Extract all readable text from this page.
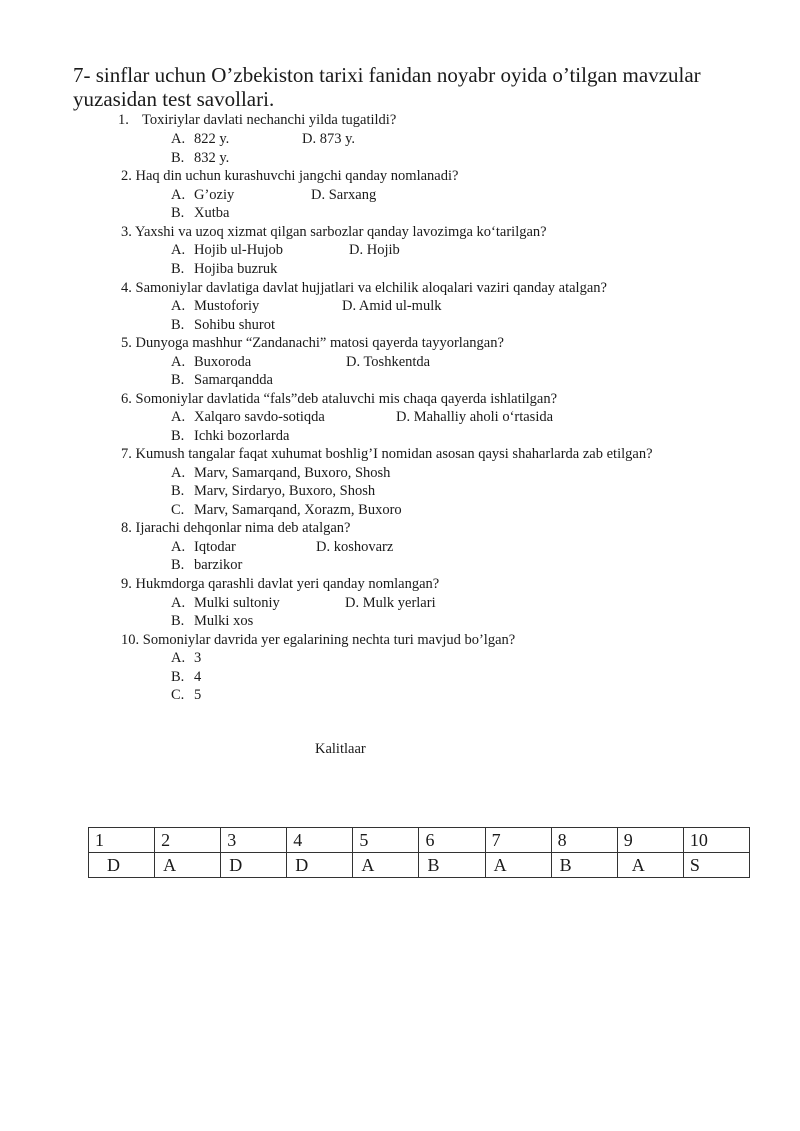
7- sinflar uchun O’zbekiston tarixi fanidan noyabr oyida o’tilgan mavzular yuzasidan test savollari.
1. Toxiriylar davlati nechanchi yilda tugatildi?
A. 822 y.	D. 873 y.
B. 832 y.
2. Haq din uchun kurashuvchi jangchi qanday nomlanadi?
A. G’oziy	D. Sarxang
B. Xutba
3. Yaxshi va uzoq xizmat qilgan sarbozlar qanday lavozimga koʻtarilgan?
A. Hojib ul-Hujob	D. Hojib
B. Hojiba buzruk
4. Samoniylar davlatiga davlat hujjatlari va elchilik aloqalari vaziri qanday atalgan?
A. Mustoforiy	D. Amid ul-mulk
B. Sohibu shurot
5. Dunyoga mashhur “Zandanachi” matosi qayerda tayyorlangan?
A. Buxoroda	D. Toshkentda
B. Samarqandda
6. Somoniylar davlatida “fals”deb ataluvchi mis chaqa qayerda ishlatilgan?
A. Xalqaro savdo-sotiqda	D. Mahalliy aholi oʻrtasida
B. Ichki bozorlarda
7. Kumush tangalar faqat xuhumat boshlig’I nomidan asosan qaysi shaharlarda zab etilgan?
A. Marv, Samarqand, Buxoro, Shosh
B. Marv, Sirdaryo, Buxoro, Shosh
C. Marv, Samarqand, Xorazm, Buxoro
8. Ijarachi dehqonlar nima deb atalgan?
A. Iqtodar	D. koshovarz
B. barzikor
9. Hukmdorga qarashli davlat yeri qanday nomlangan?
A. Mulki sultoniy	D. Mulk yerlari
B. Mulki xos
10. Somoniylar davrida yer egalarining nechta turi mavjud bo’lgan?
A. 3
B. 4
C. 5
Kalitlaar
1	2	3	4	5	6	7	8	9	10
D	A	D	D	A	B	A	B	A	S
